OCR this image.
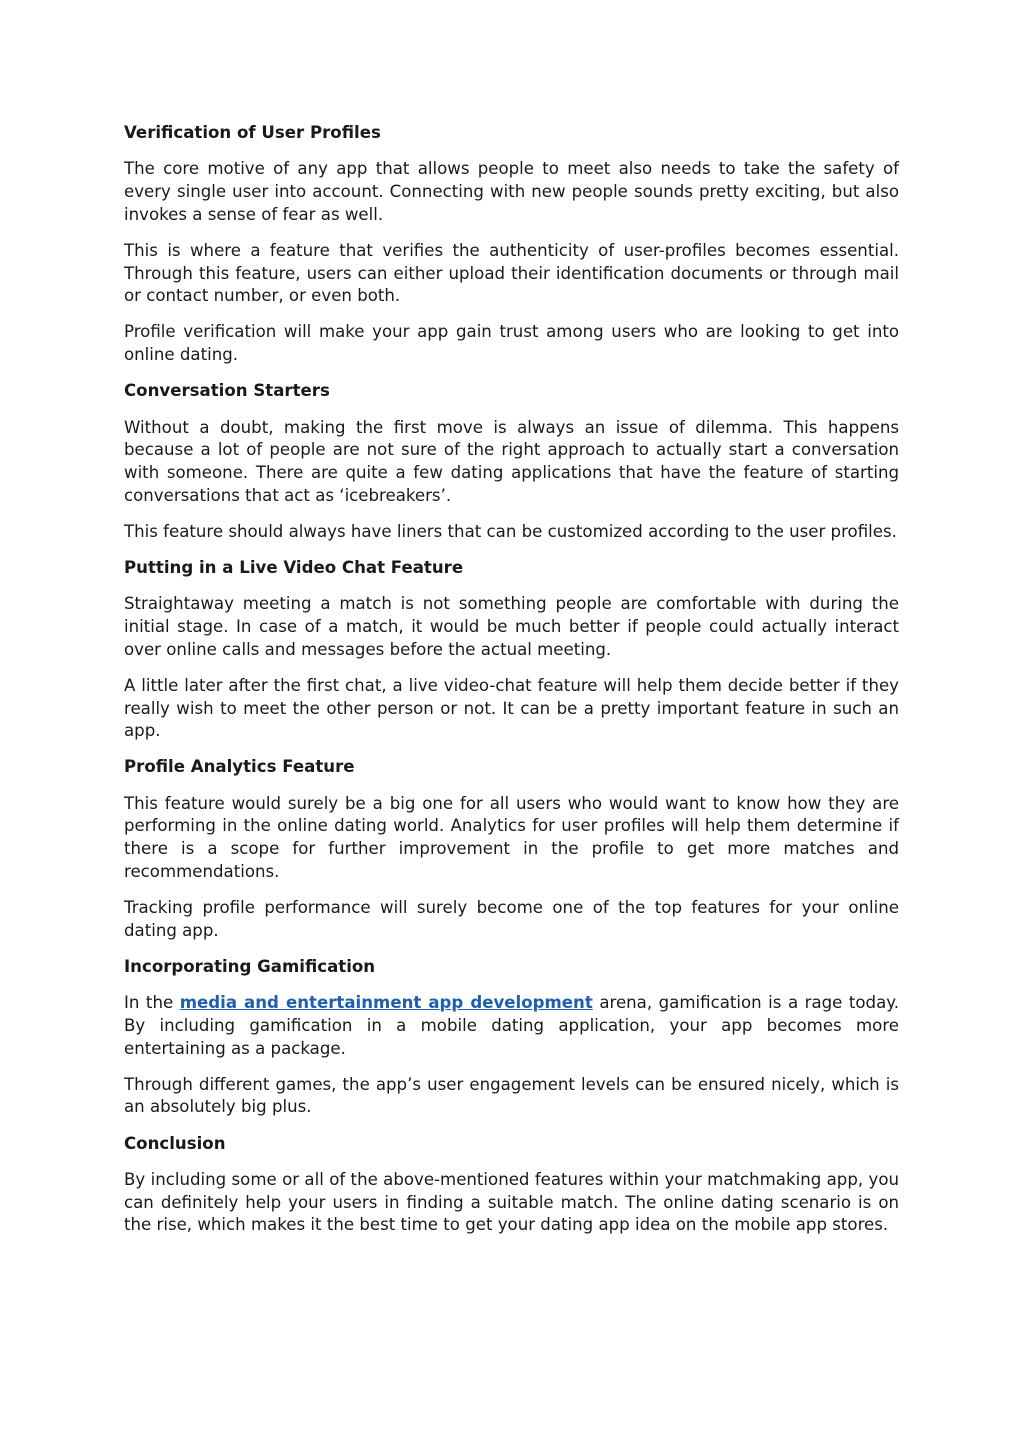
Verification of User Profiles

The core motive of any app that allows people to meet also needs to take the safety of every single user into account. Connecting with new people sounds pretty exciting, but also invokes a sense of fear as well.

This is where a feature that verifies the authenticity of user-profiles becomes essential. Through this feature, users can either upload their identification documents or through mail or contact number, or even both.

Profile verification will make your app gain trust among users who are looking to get into online dating.

Conversation Starters

Without a doubt, making the first move is always an issue of dilemma. This happens because a lot of people are not sure of the right approach to actually start a conversation with someone. There are quite a few dating applications that have the feature of starting conversations that act as ‘icebreakers’.

This feature should always have liners that can be customized according to the user profiles.

Putting in a Live Video Chat Feature

Straightaway meeting a match is not something people are comfortable with during the initial stage. In case of a match, it would be much better if people could actually interact over online calls and messages before the actual meeting.

A little later after the first chat, a live video-chat feature will help them decide better if they really wish to meet the other person or not. It can be a pretty important feature in such an app.

Profile Analytics Feature

This feature would surely be a big one for all users who would want to know how they are performing in the online dating world. Analytics for user profiles will help them determine if there is a scope for further improvement in the profile to get more matches and recommendations.

Tracking profile performance will surely become one of the top features for your online dating app.

Incorporating Gamification

In the media and entertainment app development arena, gamification is a rage today. By including gamification in a mobile dating application, your app becomes more entertaining as a package.

Through different games, the app’s user engagement levels can be ensured nicely, which is an absolutely big plus.

Conclusion

By including some or all of the above-mentioned features within your matchmaking app, you can definitely help your users in finding a suitable match. The online dating scenario is on the rise, which makes it the best time to get your dating app idea on the mobile app stores.
